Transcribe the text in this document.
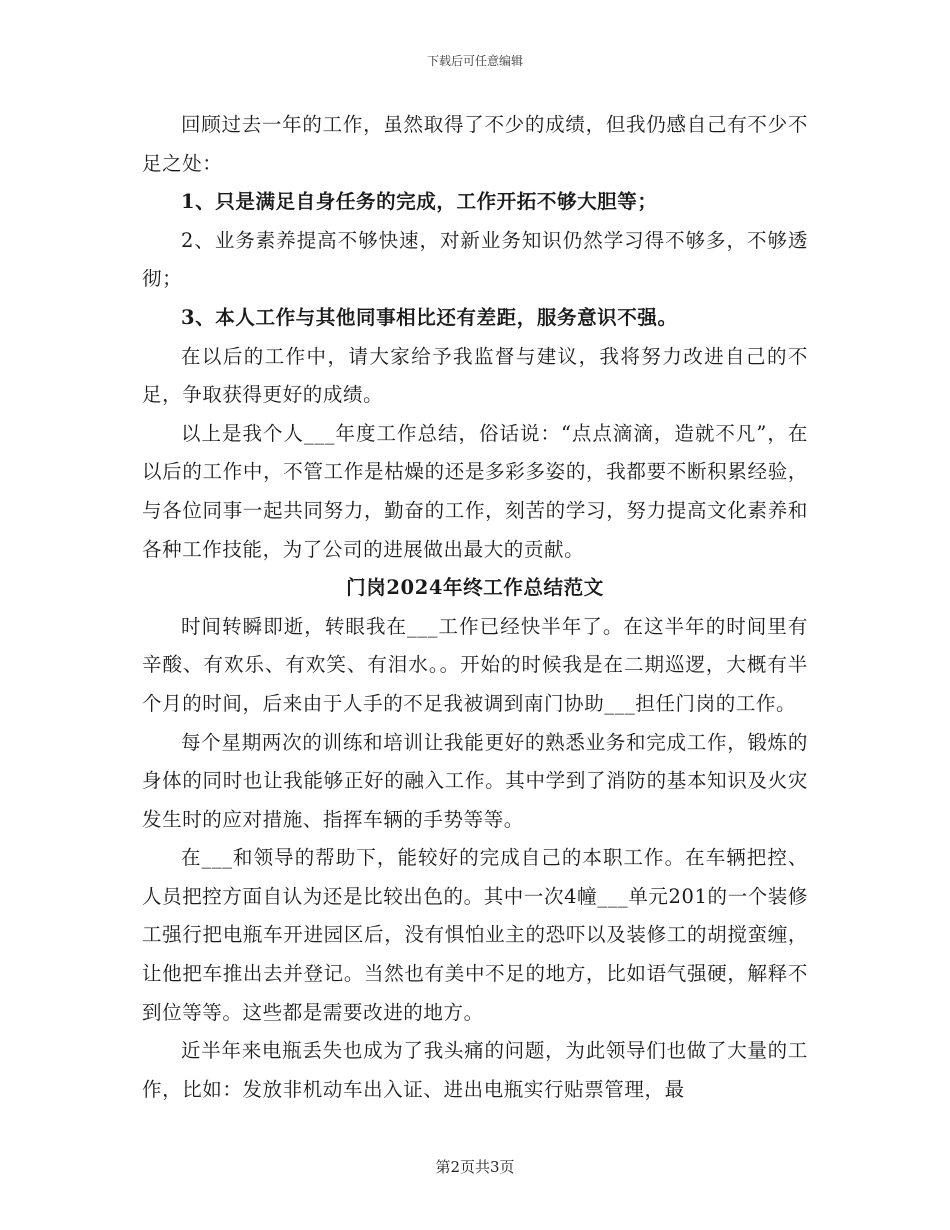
下载后可任意编辑

回顾过去一年的工作，虽然取得了不少的成绩，但我仍感自己有不少不足之处：

1、只是满足自身任务的完成，工作开拓不够大胆等；

2、业务素养提高不够快速，对新业务知识仍然学习得不够多，不够透彻；

3、本人工作与其他同事相比还有差距，服务意识不强。

在以后的工作中，请大家给予我监督与建议，我将努力改进自己的不足，争取获得更好的成绩。

以上是我个人___年度工作总结，俗话说：“点点滴滴，造就不凡”，在以后的工作中，不管工作是枯燥的还是多彩多姿的，我都要不断积累经验，与各位同事一起共同努力，勤奋的工作，刻苦的学习，努力提高文化素养和各种工作技能，为了公司的进展做出最大的贡献。

门岗2024年终工作总结范文

时间转瞬即逝，转眼我在___工作已经快半年了。在这半年的时间里有辛酸、有欢乐、有欢笑、有泪水。。开始的时候我是在二期巡逻，大概有半个月的时间，后来由于人手的不足我被调到南门协助___担任门岗的工作。

每个星期两次的训练和培训让我能更好的熟悉业务和完成工作，锻炼的身体的同时也让我能够正好的融入工作。其中学到了消防的基本知识及火灾发生时的应对措施、指挥车辆的手势等等。

在___和领导的帮助下，能较好的完成自己的本职工作。在车辆把控、人员把控方面自认为还是比较出色的。其中一次4幢___单元201的一个装修工强行把电瓶车开进园区后，没有惧怕业主的恐吓以及装修工的胡搅蛮缠，让他把车推出去并登记。当然也有美中不足的地方，比如语气强硬，解释不到位等等。这些都是需要改进的地方。

近半年来电瓶丢失也成为了我头痛的问题，为此领导们也做了大量的工作，比如：发放非机动车出入证、进出电瓶实行贴票管理，最

第2页共3页
